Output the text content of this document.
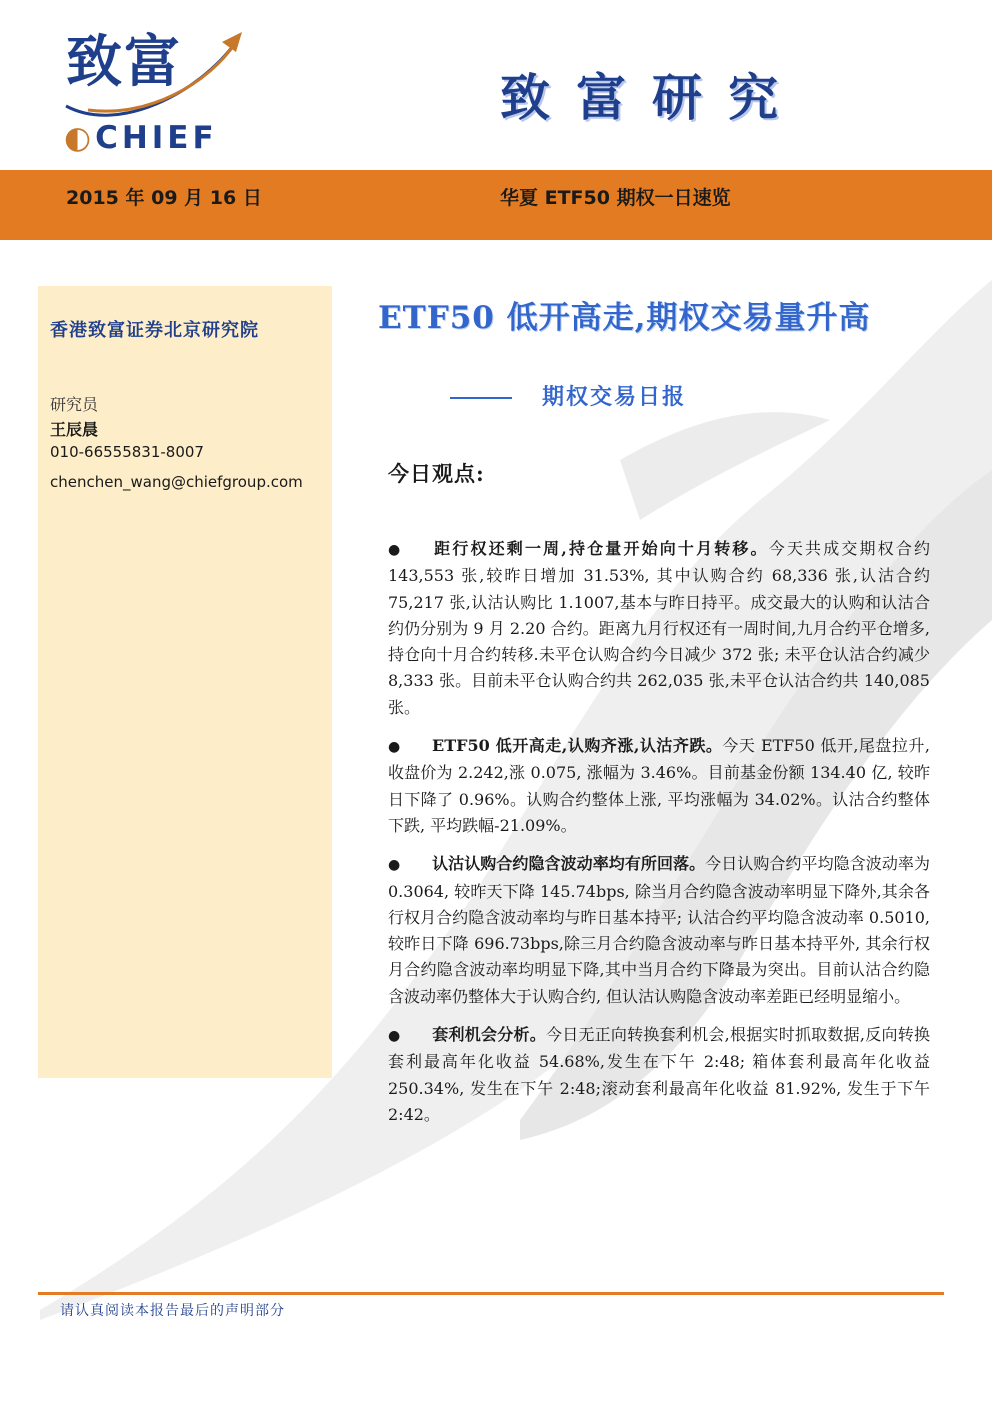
致富
◐CHIEF
致富研究
2015 年 09 月 16 日	华夏 ETF50 期权一日速览
香港致富证券北京研究院
研究员
王辰晨
010-66555831-8007
chenchen_wang@chiefgroup.com
ETF50 低开高走,期权交易量升高
期权交易日报
今日观点:

● 距行权还剩一周,持仓量开始向十月转移。今天共成交期权合约 143,553 张,较昨日增加 31.53%, 其中认购合约 68,336 张,认沽合约 75,217 张,认沽认购比 1.1007,基本与昨日持平。成交最大的认购和认沽合约仍分别为 9 月 2.20 合约。距离九月行权还有一周时间,九月合约平仓增多,持仓向十月合约转移.未平仓认购合约今日减少 372 张; 未平仓认沽合约减少 8,333 张。目前未平仓认购合约共 262,035 张,未平仓认沽合约共 140,085 张。

● ETF50 低开高走,认购齐涨,认沽齐跌。今天 ETF50 低开,尾盘拉升,收盘价为 2.242,涨 0.075, 涨幅为 3.46%。目前基金份额 134.40 亿, 较昨日下降了 0.96%。认购合约整体上涨, 平均涨幅为 34.02%。认沽合约整体下跌, 平均跌幅-21.09%。

● 认沽认购合约隐含波动率均有所回落。今日认购合约平均隐含波动率为 0.3064, 较昨天下降 145.74bps, 除当月合约隐含波动率明显下降外,其余各行权月合约隐含波动率均与昨日基本持平; 认沽合约平均隐含波动率 0.5010, 较昨日下降 696.73bps,除三月合约隐含波动率与昨日基本持平外, 其余行权月合约隐含波动率均明显下降,其中当月合约下降最为突出。目前认沽合约隐含波动率仍整体大于认购合约, 但认沽认购隐含波动率差距已经明显缩小。

● 套利机会分析。今日无正向转换套利机会,根据实时抓取数据,反向转换套利最高年化收益 54.68%,发生在下午 2:48; 箱体套利最高年化收益 250.34%, 发生在下午 2:48;滚动套利最高年化收益 81.92%, 发生于下午 2:42。

请认真阅读本报告最后的声明部分
